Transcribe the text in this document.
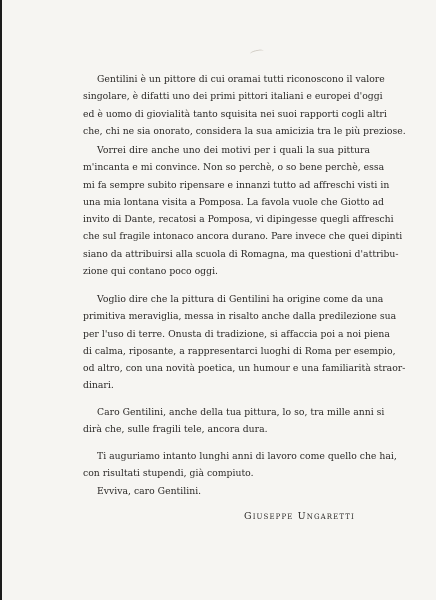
Gentilini è un pittore di cui oramai tutti riconoscono il valore
singolare, è difatti uno dei primi pittori italiani e europei d'oggi
ed è uomo di giovialità tanto squisita nei suoi rapporti cogli altri
che, chi ne sia onorato, considera la sua amicizia tra le più preziose.
Vorrei dire anche uno dei motivi per i quali la sua pittura
m'incanta e mi convince. Non so perchè, o so bene perchè, essa
mi fa sempre subito ripensare e innanzi tutto ad affreschi visti in
una mia lontana visita a Pomposa. La favola vuole che Giotto ad
invito di Dante, recatosi a Pomposa, vi dipingesse quegli affreschi
che sul fragile intonaco ancora durano. Pare invece che quei dipinti
siano da attribuirsi alla scuola di Romagna, ma questioni d'attribu-
zione qui contano poco oggi.
Voglio dire che la pittura di Gentilini ha origine come da una
primitiva meraviglia, messa in risalto anche dalla predilezione sua
per l'uso di terre. Onusta di tradizione, si affaccia poi a noi piena
di calma, riposante, a rappresentarci luoghi di Roma per esempio,
od altro, con una novità poetica, un humour e una familiarità straor-
dinari.
Caro Gentilini, anche della tua pittura, lo so, tra mille anni si
dirà che, sulle fragili tele, ancora dura.
Ti auguriamo intanto lunghi anni di lavoro come quello che hai,
con risultati stupendi, già compiuto.
Evviva, caro Gentilini.
Giuseppe Ungaretti
